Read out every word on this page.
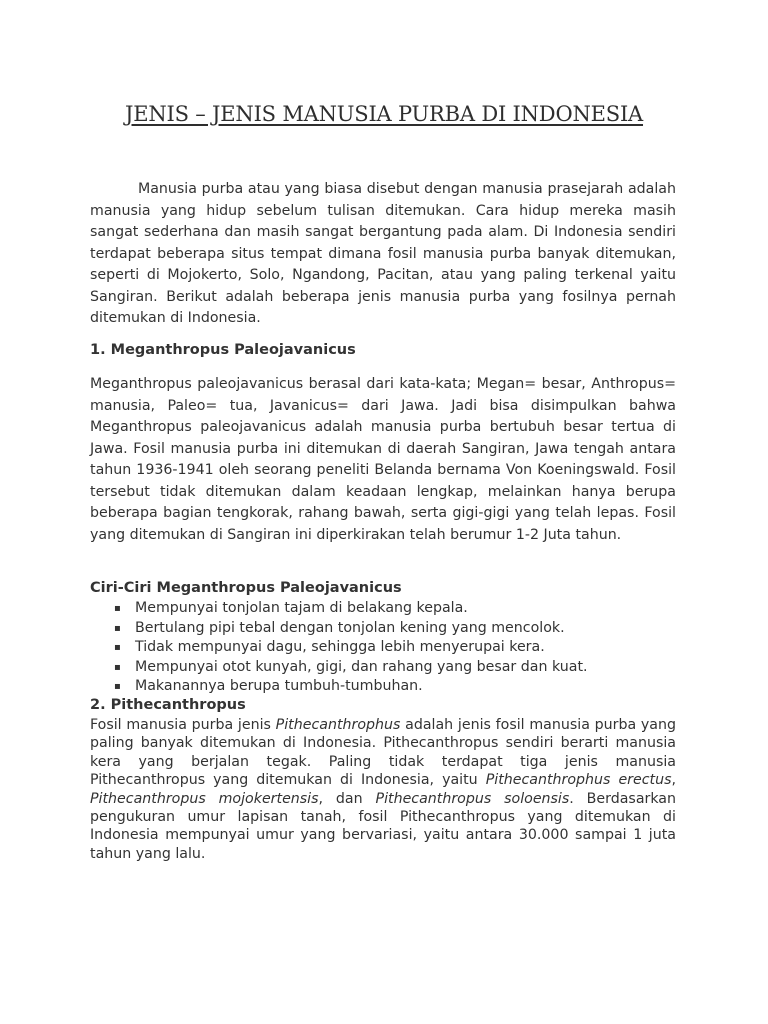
JENIS – JENIS MANUSIA PURBA DI INDONESIA

Manusia purba atau yang biasa disebut dengan manusia prasejarah adalah manusia yang hidup sebelum tulisan ditemukan. Cara hidup mereka masih sangat sederhana dan masih sangat bergantung pada alam. Di Indonesia sendiri terdapat beberapa situs tempat dimana fosil manusia purba banyak ditemukan, seperti di Mojokerto, Solo, Ngandong, Pacitan, atau yang paling terkenal yaitu Sangiran. Berikut adalah beberapa jenis manusia purba yang fosilnya pernah ditemukan di Indonesia.

1. Meganthropus Paleojavanicus

Meganthropus paleojavanicus berasal dari kata-kata; Megan= besar, Anthropus= manusia, Paleo= tua, Javanicus= dari Jawa. Jadi bisa disimpulkan bahwa Meganthropus paleojavanicus adalah manusia purba bertubuh besar tertua di Jawa. Fosil manusia purba ini ditemukan di daerah Sangiran, Jawa tengah antara tahun 1936-1941 oleh seorang peneliti Belanda bernama Von Koeningswald. Fosil tersebut tidak ditemukan dalam keadaan lengkap, melainkan hanya berupa beberapa bagian tengkorak, rahang bawah, serta gigi-gigi yang telah lepas. Fosil yang ditemukan di Sangiran ini diperkirakan telah berumur 1-2 Juta tahun.

Ciri-Ciri Meganthropus Paleojavanicus
▪ Mempunyai tonjolan tajam di belakang kepala.
▪ Bertulang pipi tebal dengan tonjolan kening yang mencolok.
▪ Tidak mempunyai dagu, sehingga lebih menyerupai kera.
▪ Mempunyai otot kunyah, gigi, dan rahang yang besar dan kuat.
▪ Makanannya berupa tumbuh-tumbuhan.
2. Pithecanthropus

Fosil manusia purba jenis Pithecanthrophus adalah jenis fosil manusia purba yang paling banyak ditemukan di Indonesia. Pithecanthropus sendiri berarti manusia kera yang berjalan tegak. Paling tidak terdapat tiga jenis manusia Pithecanthropus yang ditemukan di Indonesia, yaitu Pithecanthrophus erectus, Pithecanthropus mojokertensis, dan Pithecanthropus soloensis. Berdasarkan pengukuran umur lapisan tanah, fosil Pithecanthropus yang ditemukan di Indonesia mempunyai umur yang bervariasi, yaitu antara 30.000 sampai 1 juta tahun yang lalu.
